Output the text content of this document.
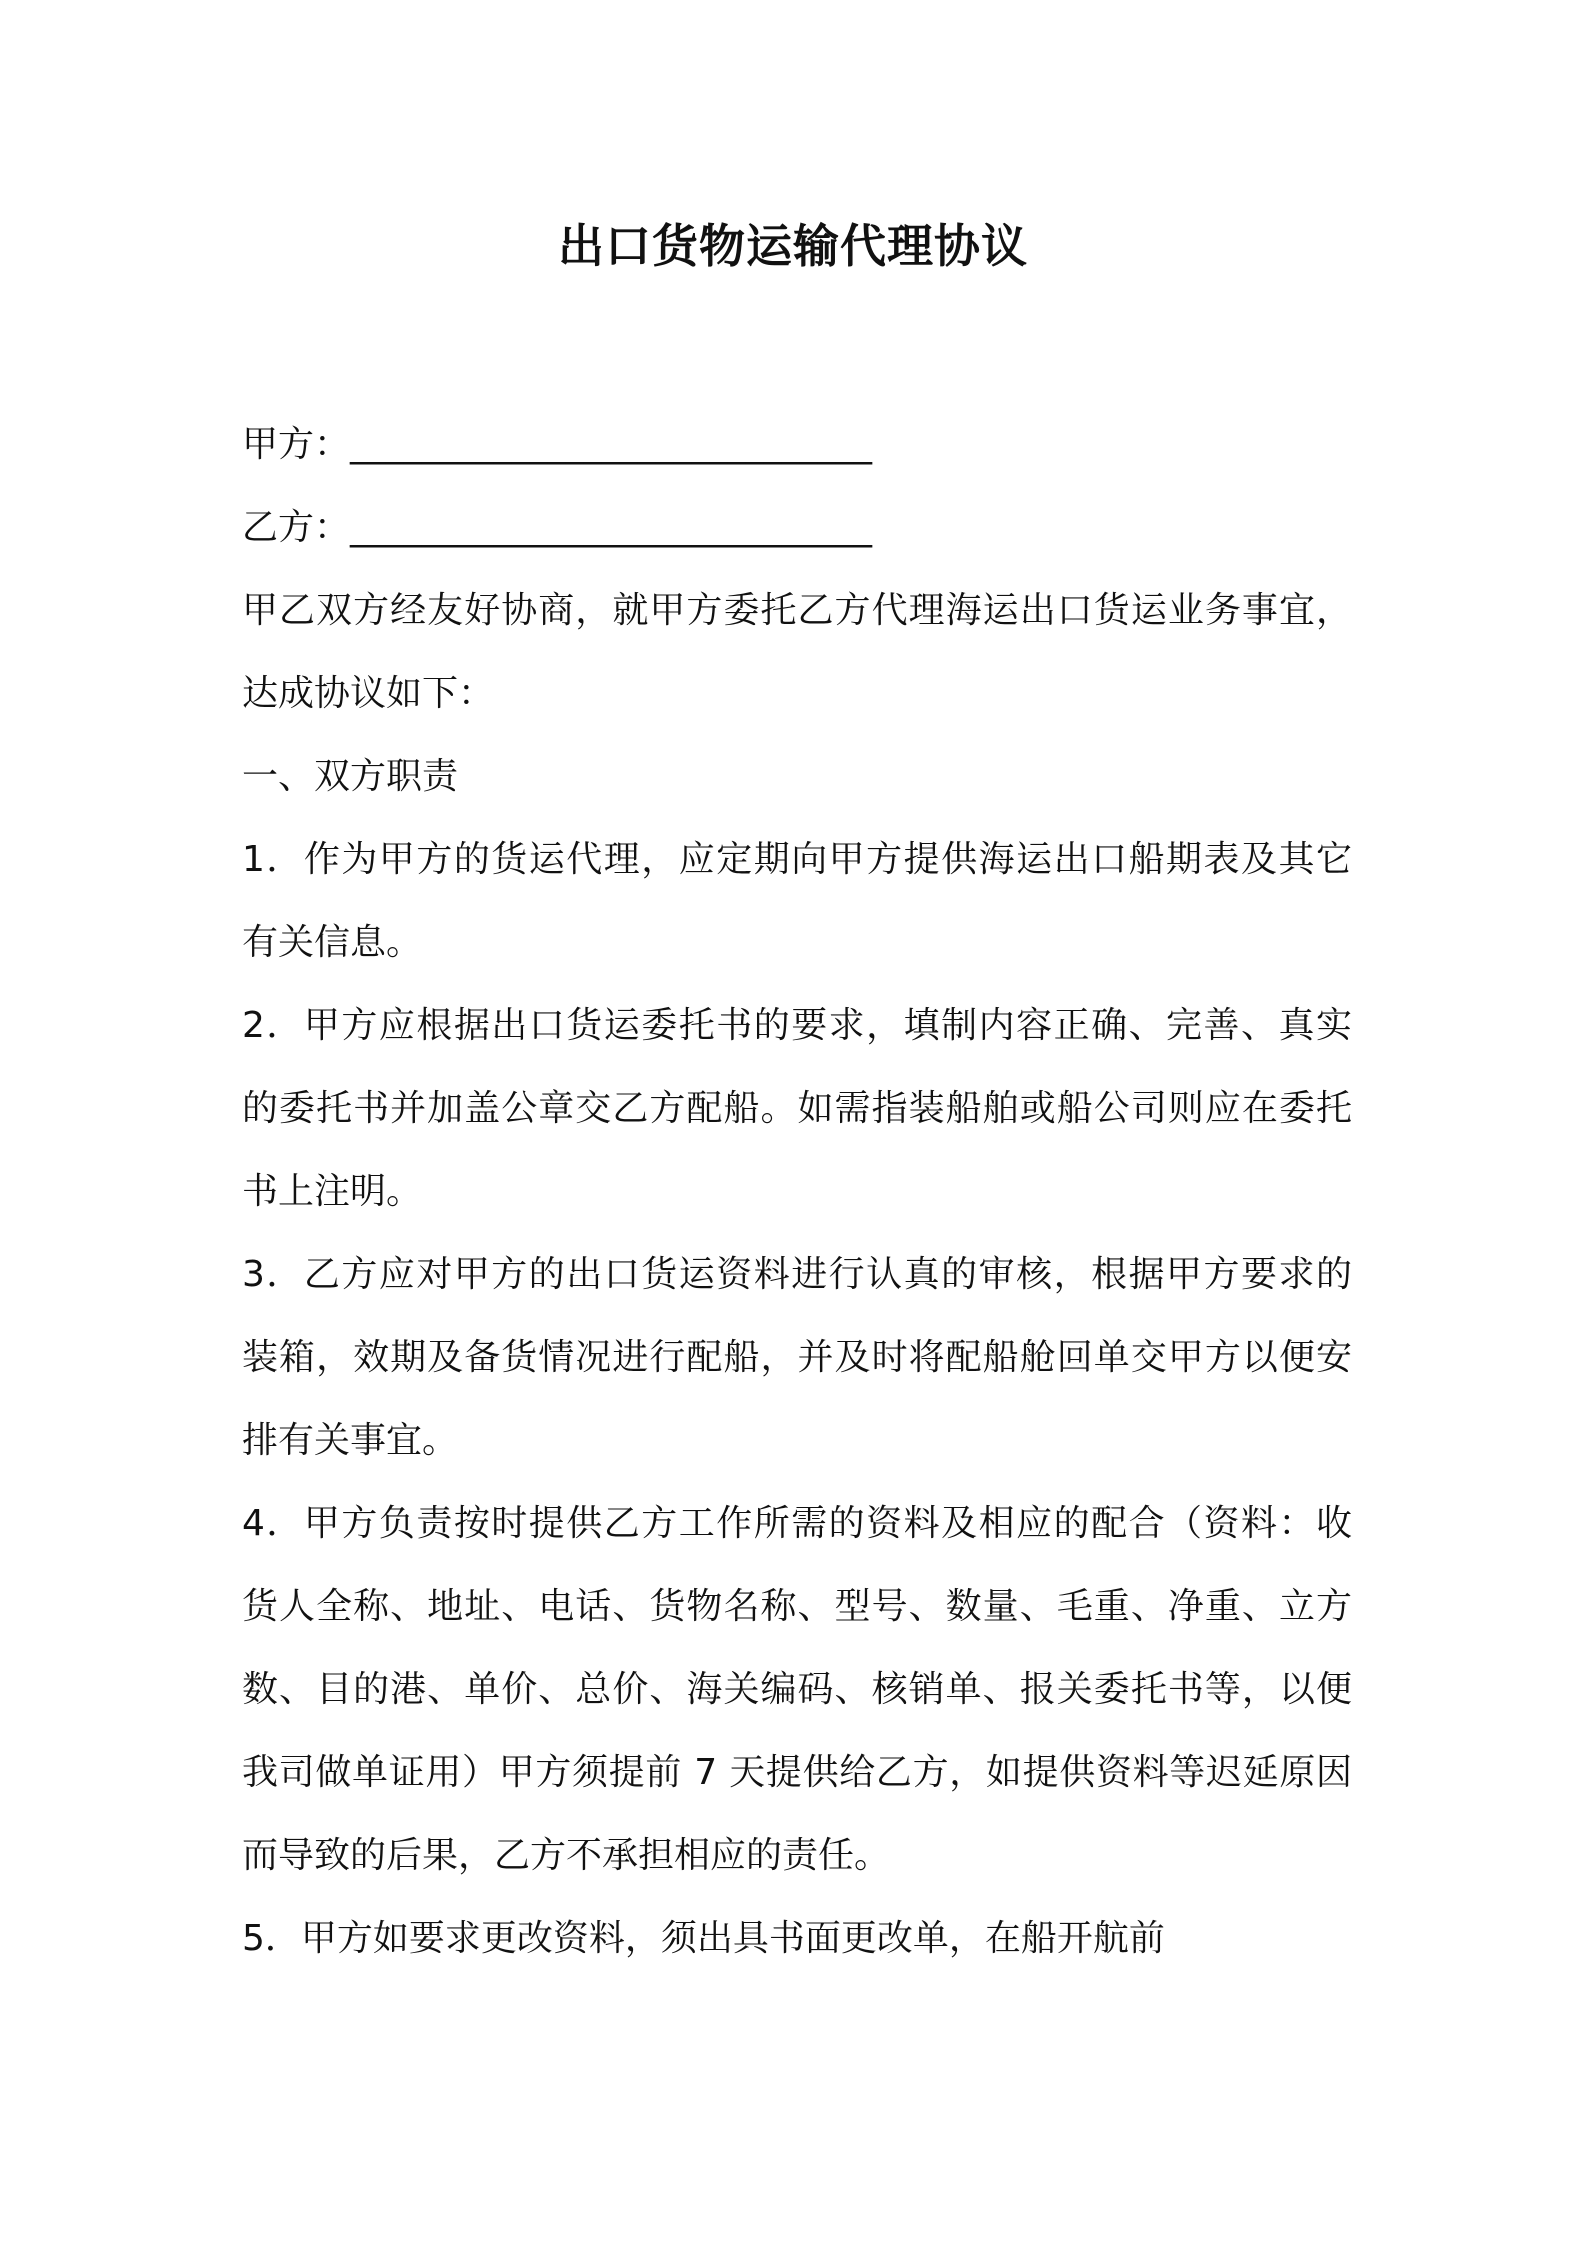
出口货物运输代理协议
甲方：_____________________________
乙方：_____________________________
甲乙双方经友好协商，就甲方委托乙方代理海运出口货运业务事宜，
达成协议如下：
一、双方职责
1．作为甲方的货运代理，应定期向甲方提供海运出口船期表及其它
有关信息。
2．甲方应根据出口货运委托书的要求，填制内容正确、完善、真实
的委托书并加盖公章交乙方配船。如需指装船舶或船公司则应在委托
书上注明。
3．乙方应对甲方的出口货运资料进行认真的审核，根据甲方要求的
装箱，效期及备货情况进行配船，并及时将配船舱回单交甲方以便安
排有关事宜。
4．甲方负责按时提供乙方工作所需的资料及相应的配合（资料：收
货人全称、地址、电话、货物名称、型号、数量、毛重、净重、立方
数、目的港、单价、总价、海关编码、核销单、报关委托书等，以便
我司做单证用）甲方须提前 7 天提供给乙方，如提供资料等迟延原因
而导致的后果，乙方不承担相应的责任。
5．甲方如要求更改资料，须出具书面更改单，在船开航前
